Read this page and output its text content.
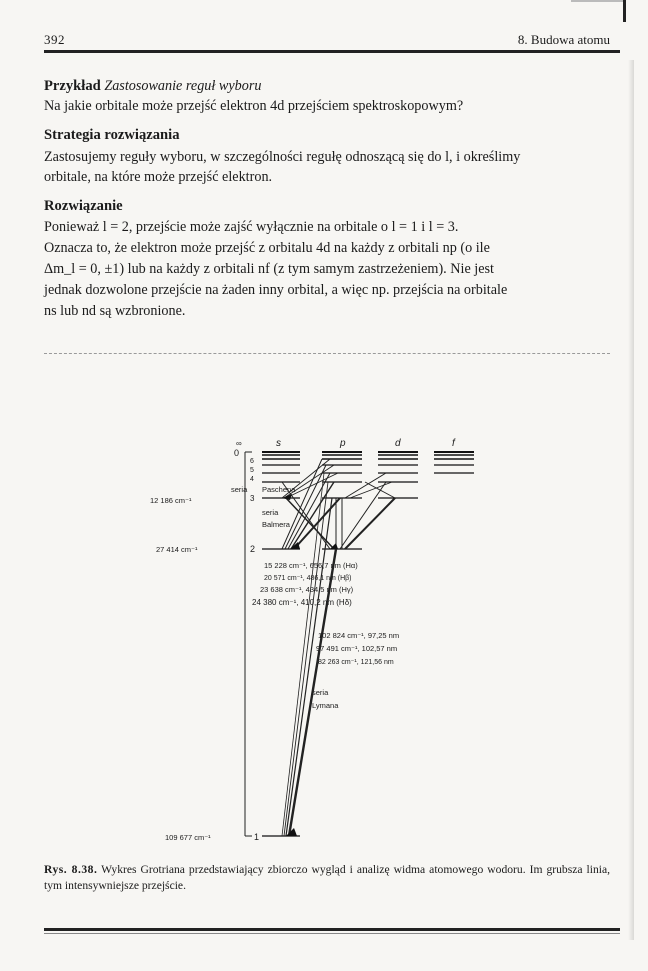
392	8. Budowa atomu
Przykład Zastosowanie reguł wyboru
Na jakie orbitale może przejść elektron 4d przejściem spektroskopowym?
Strategia rozwiązania
Zastosujemy reguły wyboru, w szczególności regułę odnoszącą się do l, i określimy
orbitale, na które może przejść elektron.
Rozwiązanie
Ponieważ l = 2, przejście może zajść wyłącznie na orbitale o l = 1 i l = 3.
Oznacza to, że elektron może przejść z orbitalu 4d na każdy z orbitali np (o ile
Δm_l = 0, ±1) lub na każdy z orbitali nf (z tym samym zastrzeżeniem). Nie jest
jednak dozwolone przejście na żaden inny orbital, a więc np. przejścia na orbitale
ns lub nd są wzbronione.
∞	s	p	d	f
0
6
5
4
3
2
1
12 186 cm⁻¹
27 414 cm⁻¹
109 677 cm⁻¹
Paschena
seria
Balmera
seria
15 228 cm⁻¹, 656,7 nm (Hα)
20 571 cm⁻¹, 486,1 nm (Hβ)
23 638 cm⁻¹, 434,5 nm (Hγ)
24 380 cm⁻¹, 410,2 nm (Hδ)
102 824 cm⁻¹, 97,25 nm
97 491 cm⁻¹, 102,57 nm
82 263 cm⁻¹, 121,56 nm
seria
Lymana
Rys. 8.38. Wykres Grotriana przedstawiający zbiorczo wygląd i analizę widma atomowego wodoru. Im grubsza linia, tym intensywniejsze przejście.
